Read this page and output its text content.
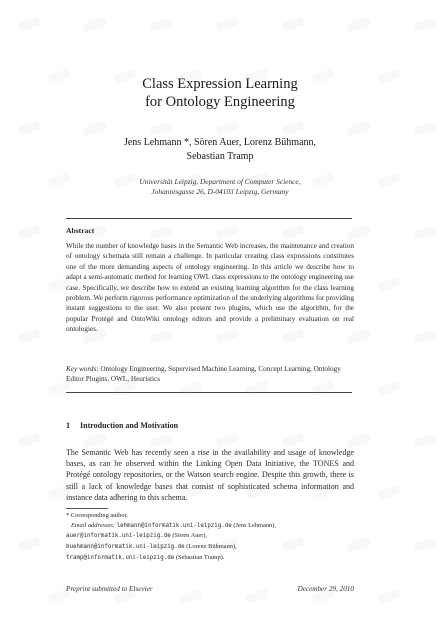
Class Expression Learning
for Ontology Engineering
Jens Lehmann *, Sören Auer, Lorenz Bühmann,
Sebastian Tramp
Universität Leipzig, Department of Computer Science,
Johannisgasse 26, D-04103 Leipzig, Germany
Abstract
While the number of knowledge bases in the Semantic Web increases, the maintenance and creation of ontology schemata still remain a challenge. In particular creating class expressions constitutes one of the more demanding aspects of ontology engineering. In this article we describe how to adapt a semi-automatic method for learning OWL class expressions to the ontology engineering use case. Specifically, we describe how to extend an existing learning algorithm for the class learning problem. We perform rigorous performance optimization of the underlying algorithms for providing instant suggestions to the user. We also present two plugins, which use the algorithm, for the popular Protégé and OntoWiki ontology editors and provide a preliminary evaluation on real ontologies.
Key words: Ontology Engineering, Supervised Machine Learning, Concept Learning, Ontology Editor Plugins, OWL, Heuristics
1 Introduction and Motivation
The Semantic Web has recently seen a rise in the availability and usage of knowledge bases, as can be observed within the Linking Open Data Initiative, the TONES and Protégé ontology repositories, or the Watson search engine. Despite this growth, there is still a lack of knowledge bases that consist of sophisticated schema information and instance data adhering to this schema.
* Corresponding author.
Email addresses: lehmann@informatik.uni-leipzig.de (Jens Lehmann),
auer@informatik.uni-leipzig.de (Sören Auer),
buehmann@informatik.uni-leipzig.de (Lorenz Bühmann),
tramp@informatik.uni-leipzig.de (Sebastian Tramp).
Preprint submitted to Elsevier	December 29, 2010
